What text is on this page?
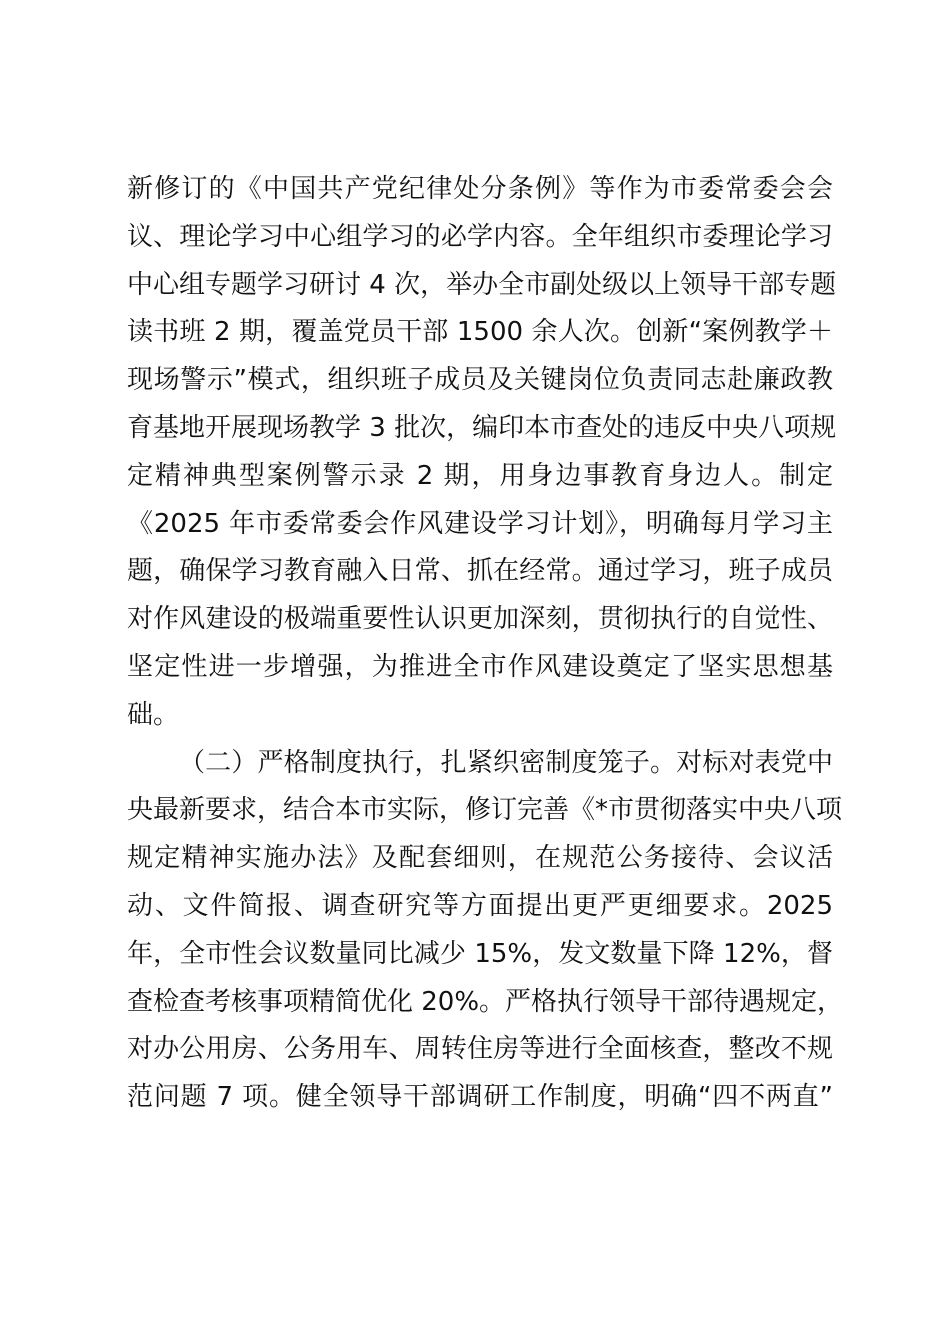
新修订的《中国共产党纪律处分条例》等作为市委常委会会
议、理论学习中心组学习的必学内容。全年组织市委理论学习
中心组专题学习研讨 4 次，举办全市副处级以上领导干部专题
读书班 2 期，覆盖党员干部 1500 余人次。创新“案例教学＋
现场警示”模式，组织班子成员及关键岗位负责同志赴廉政教
育基地开展现场教学 3 批次，编印本市查处的违反中央八项规
定精神典型案例警示录 2 期，用身边事教育身边人。制定
《2025 年市委常委会作风建设学习计划》，明确每月学习主
题，确保学习教育融入日常、抓在经常。通过学习，班子成员
对作风建设的极端重要性认识更加深刻，贯彻执行的自觉性、
坚定性进一步增强，为推进全市作风建设奠定了坚实思想基
础。
（二）严格制度执行，扎紧织密制度笼子。对标对表党中
央最新要求，结合本市实际，修订完善《*市贯彻落实中央八项
规定精神实施办法》及配套细则，在规范公务接待、会议活
动、文件简报、调查研究等方面提出更严更细要求。2025
年，全市性会议数量同比减少 15%，发文数量下降 12%，督
查检查考核事项精简优化 20%。严格执行领导干部待遇规定，
对办公用房、公务用车、周转住房等进行全面核查，整改不规
范问题 7 项。健全领导干部调研工作制度，明确“四不两直”
